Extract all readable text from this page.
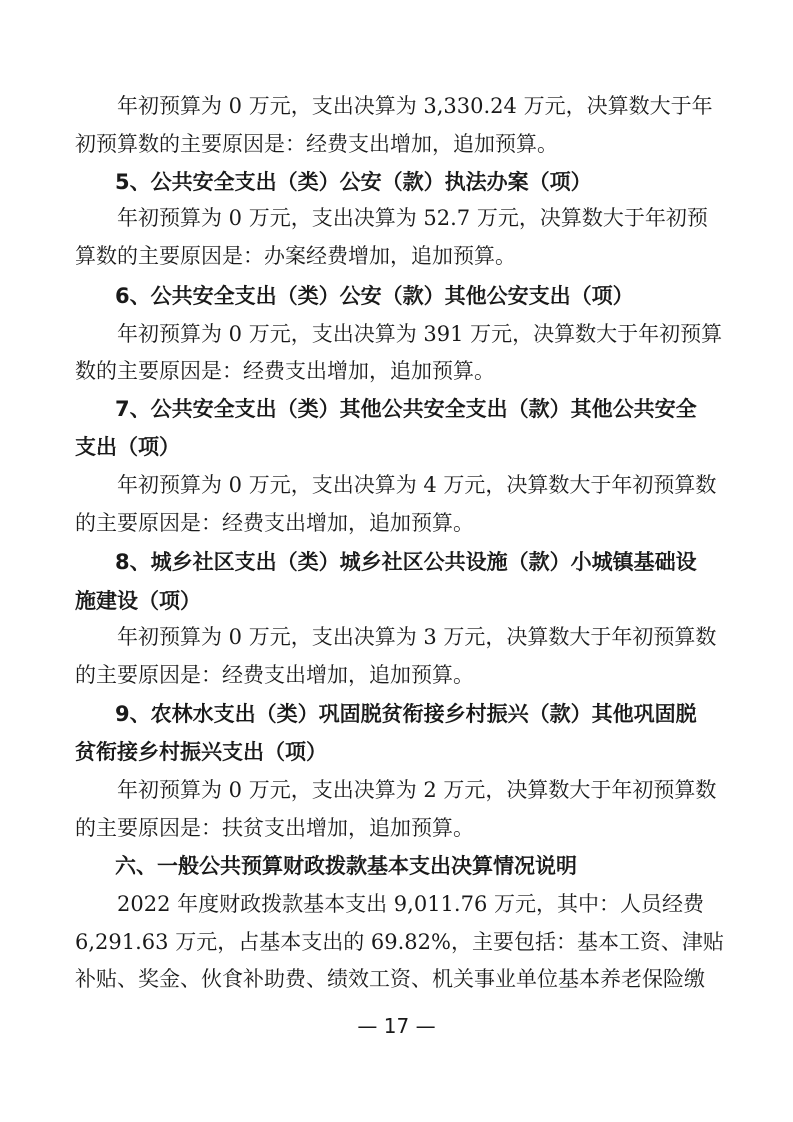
年初预算为 0 万元，支出决算为 3,330.24 万元，决算数大于年
初预算数的主要原因是：经费支出增加，追加预算。
5、公共安全支出（类）公安（款）执法办案（项）
年初预算为 0 万元，支出决算为 52.7 万元，决算数大于年初预
算数的主要原因是：办案经费增加，追加预算。
6、公共安全支出（类）公安（款）其他公安支出（项）
年初预算为 0 万元，支出决算为 391 万元，决算数大于年初预算
数的主要原因是：经费支出增加，追加预算。
7、公共安全支出（类）其他公共安全支出（款）其他公共安全
支出（项）
年初预算为 0 万元，支出决算为 4 万元，决算数大于年初预算数
的主要原因是：经费支出增加，追加预算。
8、城乡社区支出（类）城乡社区公共设施（款）小城镇基础设
施建设（项）
年初预算为 0 万元，支出决算为 3 万元，决算数大于年初预算数
的主要原因是：经费支出增加，追加预算。
9、农林水支出（类）巩固脱贫衔接乡村振兴（款）其他巩固脱
贫衔接乡村振兴支出（项）
年初预算为 0 万元，支出决算为 2 万元，决算数大于年初预算数
的主要原因是：扶贫支出增加，追加预算。
六、一般公共预算财政拨款基本支出决算情况说明
2022 年度财政拨款基本支出 9,011.76 万元，其中：人员经费
6,291.63 万元，占基本支出的 69.82%，主要包括：基本工资、津贴
补贴、奖金、伙食补助费、绩效工资、机关事业单位基本养老保险缴
— 17 —
